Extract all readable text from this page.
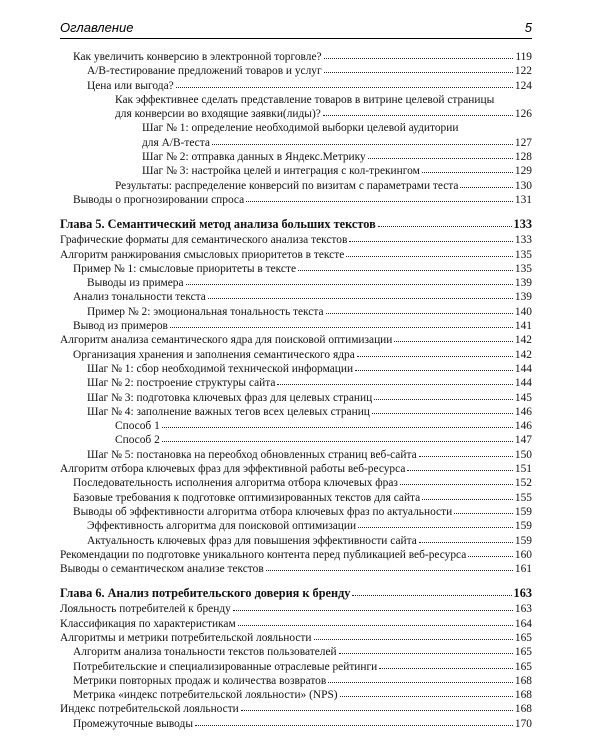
Оглавление	5
Как увеличить конверсию в электронной торговле?	119
А/В-тестирование предложений товаров и услуг	122
Цена или выгода?	124
Как эффективнее сделать представление товаров в витрине целевой страницы
для конверсии во входящие заявки(лиды)?	126
Шаг № 1: определение необходимой выборки целевой аудитории
для А/В-теста	127
Шаг № 2: отправка данных в Яндекс.Метрику	128
Шаг № 3: настройка целей и интеграция с кол-трекингом	129
Результаты: распределение конверсий по визитам с параметрами теста	130
Выводы о прогнозировании спроса	131
Глава 5. Семантический метод анализа больших текстов	133
Графические форматы для семантического анализа текстов	133
Алгоритм ранжирования смысловых приоритетов в тексте	135
Пример № 1: смысловые приоритеты в тексте	135
Выводы из примера	139
Анализ тональности текста	139
Пример № 2: эмоциональная тональность текста	140
Вывод из примеров	141
Алгоритм анализа семантического ядра для поисковой оптимизации	142
Организация хранения и заполнения семантического ядра	142
Шаг № 1: сбор необходимой технической информации	144
Шаг № 2: построение структуры сайта	144
Шаг № 3: подготовка ключевых фраз для целевых страниц	145
Шаг № 4: заполнение важных тегов всех целевых страниц	146
Способ 1	146
Способ 2	147
Шаг № 5: постановка на переобход обновленных страниц веб-сайта	150
Алгоритм отбора ключевых фраз для эффективной работы веб-ресурса	151
Последовательность исполнения алгоритма отбора ключевых фраз	152
Базовые требования к подготовке оптимизированных текстов для сайта	155
Выводы об эффективности алгоритма отбора ключевых фраз по актуальности	159
Эффективность алгоритма для поисковой оптимизации	159
Актуальность ключевых фраз для повышения эффективности сайта	159
Рекомендации по подготовке уникального контента перед публикацией веб-ресурса	160
Выводы о семантическом анализе текстов	161
Глава 6. Анализ потребительского доверия к бренду	163
Лояльность потребителей к бренду	163
Классификация по характеристикам	164
Алгоритмы и метрики потребительской лояльности	165
Алгоритм анализа тональности текстов пользователей	165
Потребительские и специализированные отраслевые рейтинги	165
Метрики повторных продаж и количества возвратов	168
Метрика «индекс потребительской лояльности» (NPS)	168
Индекс потребительской лояльности	168
Промежуточные выводы	170
